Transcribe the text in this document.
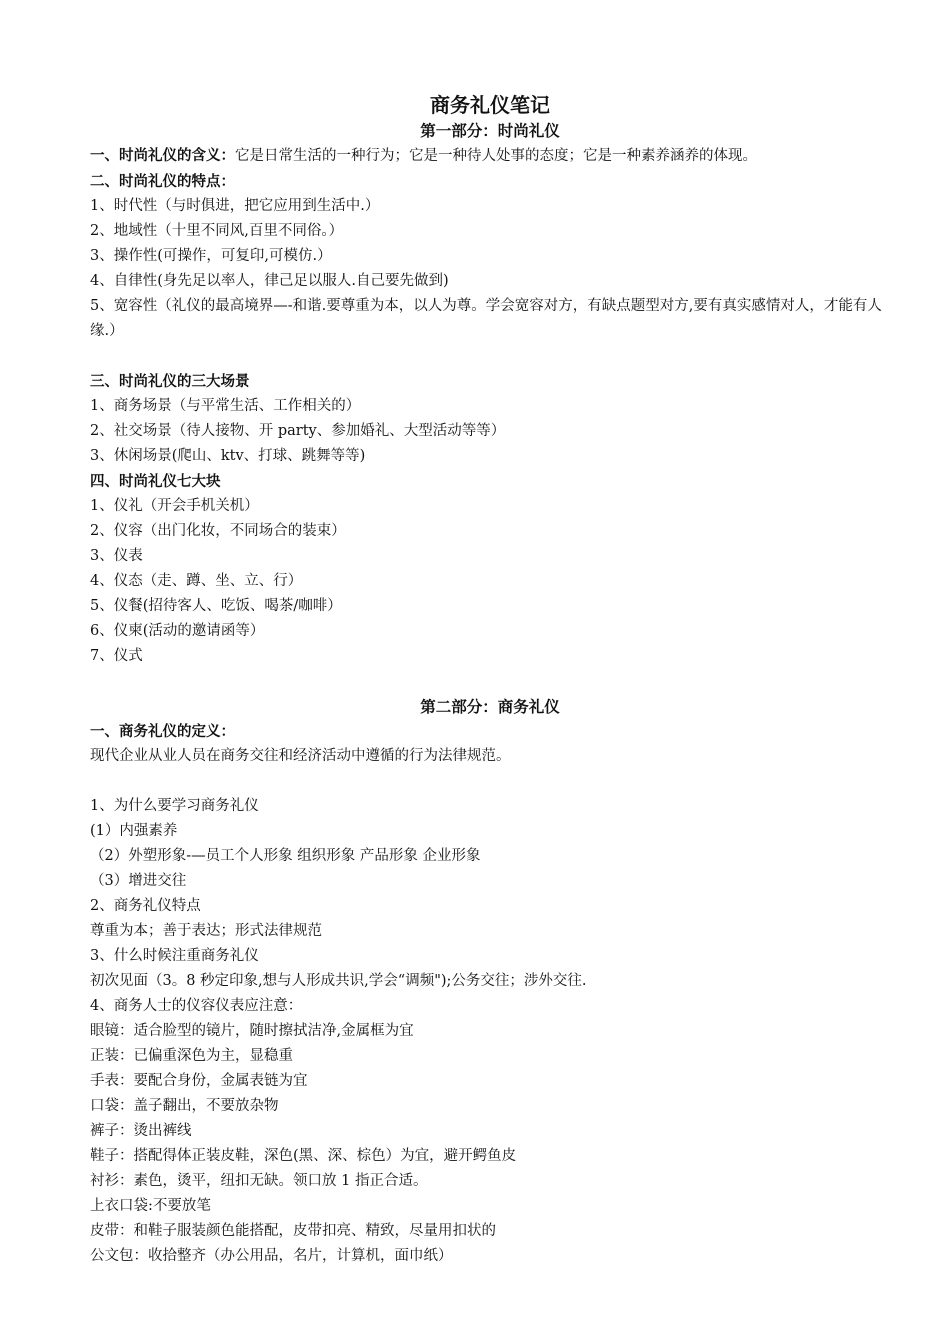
商务礼仪笔记
第一部分：时尚礼仪
一、时尚礼仪的含义：它是日常生活的一种行为；它是一种待人处事的态度；它是一种素养涵养的体现。
二、时尚礼仪的特点：
1、时代性（与时俱进，把它应用到生活中.）
2、地域性（十里不同风,百里不同俗。）
3、操作性(可操作，可复印,可模仿.）
4、自律性(身先足以率人，律己足以服人.自己要先做到)
5、宽容性（礼仪的最高境界—-和谐.要尊重为本，以人为尊。学会宽容对方，有缺点题型对方,要有真实感情对人，才能有人缘.）
三、时尚礼仪的三大场景
1、商务场景（与平常生活、工作相关的）
2、社交场景（待人接物、开 party、参加婚礼、大型活动等等）
3、休闲场景(爬山、ktv、打球、跳舞等等)
四、时尚礼仪七大块
1、仪礼（开会手机关机）
2、仪容（出门化妆，不同场合的装束）
3、仪表
4、仪态（走、蹲、坐、立、行）
5、仪餐(招待客人、吃饭、喝茶/咖啡）
6、仪柬(活动的邀请函等）
7、仪式
第二部分：商务礼仪
一、商务礼仪的定义：
现代企业从业人员在商务交往和经济活动中遵循的行为法律规范。
1、为什么要学习商务礼仪
(1）内强素养
（2）外塑形象-—员工个人形象 组织形象 产品形象 企业形象
（3）增进交往
2、商务礼仪特点
尊重为本；善于表达；形式法律规范
3、什么时候注重商务礼仪
初次见面（3。8 秒定印象,想与人形成共识,学会“调频");公务交往；涉外交往.
4、商务人士的仪容仪表应注意：
眼镜：适合脸型的镜片，随时擦拭洁净,金属框为宜
正装：已偏重深色为主，显稳重
手表：要配合身份，金属表链为宜
口袋：盖子翻出，不要放杂物
裤子：烫出裤线
鞋子：搭配得体正装皮鞋，深色(黑、深、棕色）为宜，避开鳄鱼皮
衬衫：素色，烫平，纽扣无缺。领口放 1 指正合适。
上衣口袋:不要放笔
皮带：和鞋子服装颜色能搭配，皮带扣亮、精致，尽量用扣状的
公文包：收拾整齐（办公用品，名片，计算机，面巾纸）
